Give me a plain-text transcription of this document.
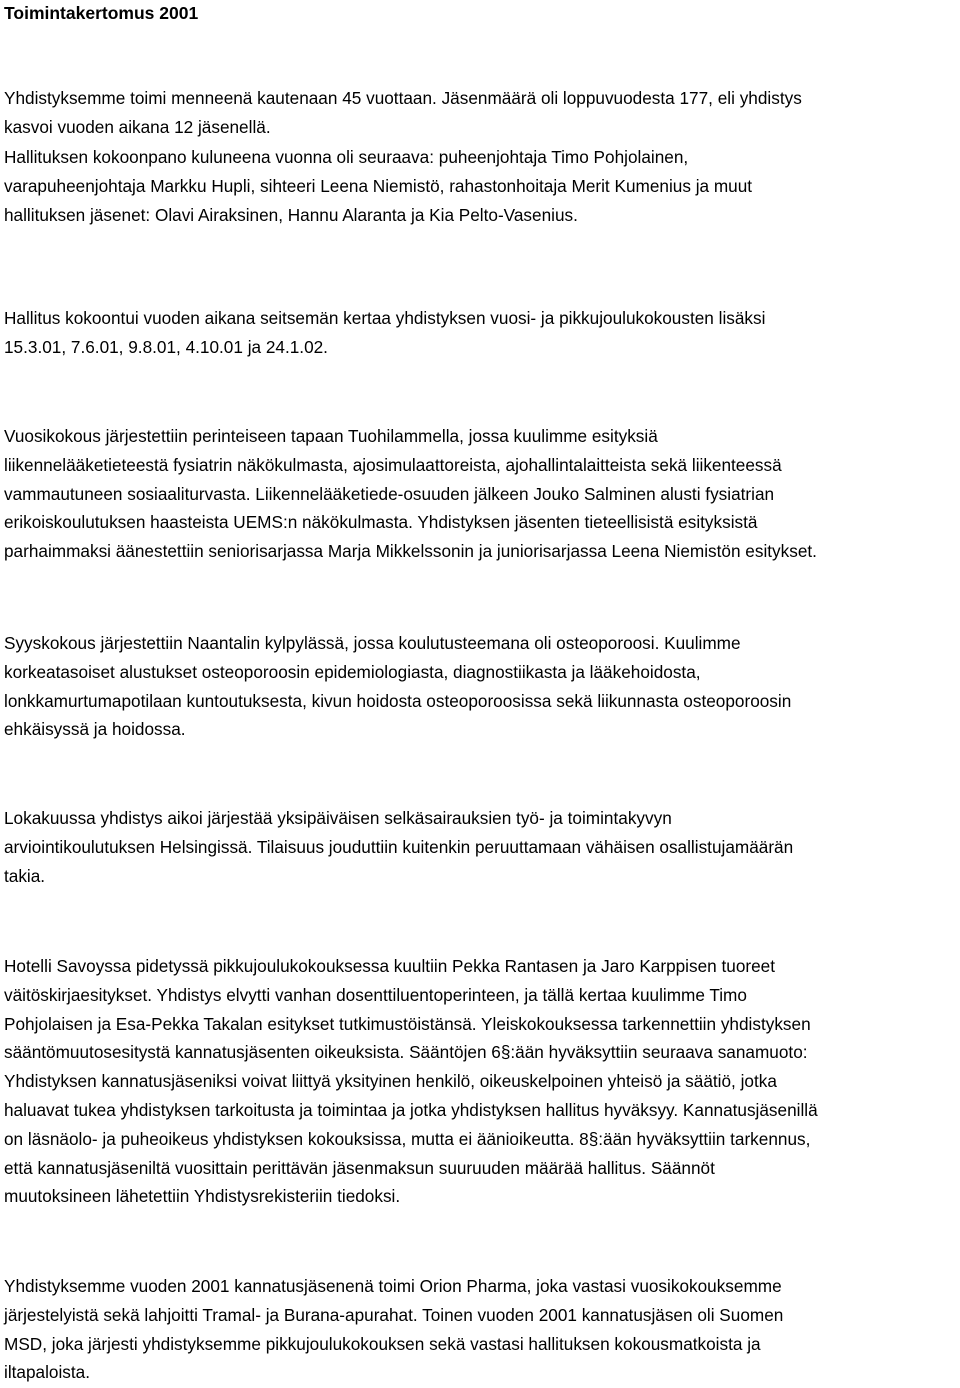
Toimintakertomus 2001
Yhdistyksemme toimi menneenä kautenaan 45 vuottaan. Jäsenmäärä oli loppuvuodesta 177, eli yhdistys
kasvoi vuoden aikana 12 jäsenellä.
Hallituksen kokoonpano kuluneena vuonna oli seuraava: puheenjohtaja Timo Pohjolainen,
varapuheenjohtaja Markku Hupli, sihteeri Leena Niemistö, rahastonhoitaja Merit Kumenius ja muut
hallituksen jäsenet: Olavi Airaksinen, Hannu Alaranta ja Kia Pelto-Vasenius.
Hallitus kokoontui vuoden aikana seitsemän kertaa yhdistyksen vuosi- ja pikkujoulukokousten lisäksi
15.3.01, 7.6.01, 9.8.01, 4.10.01 ja 24.1.02.
Vuosikokous järjestettiin perinteiseen tapaan Tuohilammella, jossa kuulimme esityksiä
liikennelääketieteestä fysiatrin näkökulmasta, ajosimulaattoreista, ajohallintalaitteista sekä liikenteessä
vammautuneen sosiaaliturvasta. Liikennelääketiede-osuuden jälkeen Jouko Salminen alusti fysiatrian
erikoiskoulutuksen haasteista UEMS:n näkökulmasta. Yhdistyksen jäsenten tieteellisistä esityksistä
parhaimmaksi äänestettiin seniorisarjassa Marja Mikkelssonin ja juniorisarjassa Leena Niemistön esitykset.
Syyskokous järjestettiin Naantalin kylpylässä, jossa koulutusteemana oli osteoporoosi. Kuulimme
korkeatasoiset alustukset osteoporoosin epidemiologiasta, diagnostiikasta ja lääkehoidosta,
lonkkamurtumapotilaan kuntoutuksesta, kivun hoidosta osteoporoosissa sekä liikunnasta osteoporoosin
ehkäisyssä ja hoidossa.
Lokakuussa yhdistys aikoi järjestää yksipäiväisen selkäsairauksien työ- ja toimintakyvyn
arviointikoulutuksen Helsingissä. Tilaisuus jouduttiin kuitenkin peruuttamaan vähäisen osallistujamäärän
takia.
Hotelli Savoyssa pidetyssä pikkujoulukokouksessa kuultiin Pekka Rantasen ja Jaro Karppisen tuoreet
väitöskirjaesitykset. Yhdistys elvytti vanhan dosenttiluentoperinteen, ja tällä kertaa kuulimme Timo
Pohjolaisen ja Esa-Pekka Takalan esitykset tutkimustöistänsä. Yleiskokouksessa tarkennettiin yhdistyksen
sääntömuutosesitystä kannatusjäsenten oikeuksista. Sääntöjen 6§:ään hyväksyttiin seuraava sanamuoto:
Yhdistyksen kannatusjäseniksi voivat liittyä yksityinen henkilö, oikeuskelpoinen yhteisö ja säätiö, jotka
haluavat tukea yhdistyksen tarkoitusta ja toimintaa ja jotka yhdistyksen hallitus hyväksyy. Kannatusjäsenillä
on läsnäolo- ja puheoikeus yhdistyksen kokouksissa, mutta ei äänioikeutta. 8§:ään hyväksyttiin tarkennus,
että kannatusjäseniltä vuosittain perittävän jäsenmaksun suuruuden määrää hallitus. Säännöt
muutoksineen lähetettiin Yhdistysrekisteriin tiedoksi.
Yhdistyksemme vuoden 2001 kannatusjäsenenä toimi Orion Pharma, joka vastasi vuosikokouksemme
järjestelyistä sekä lahjoitti Tramal- ja Burana-apurahat. Toinen vuoden 2001 kannatusjäsen oli Suomen
MSD, joka järjesti yhdistyksemme pikkujoulukokouksen sekä vastasi hallituksen kokousmatkoista ja
iltapaloista.
